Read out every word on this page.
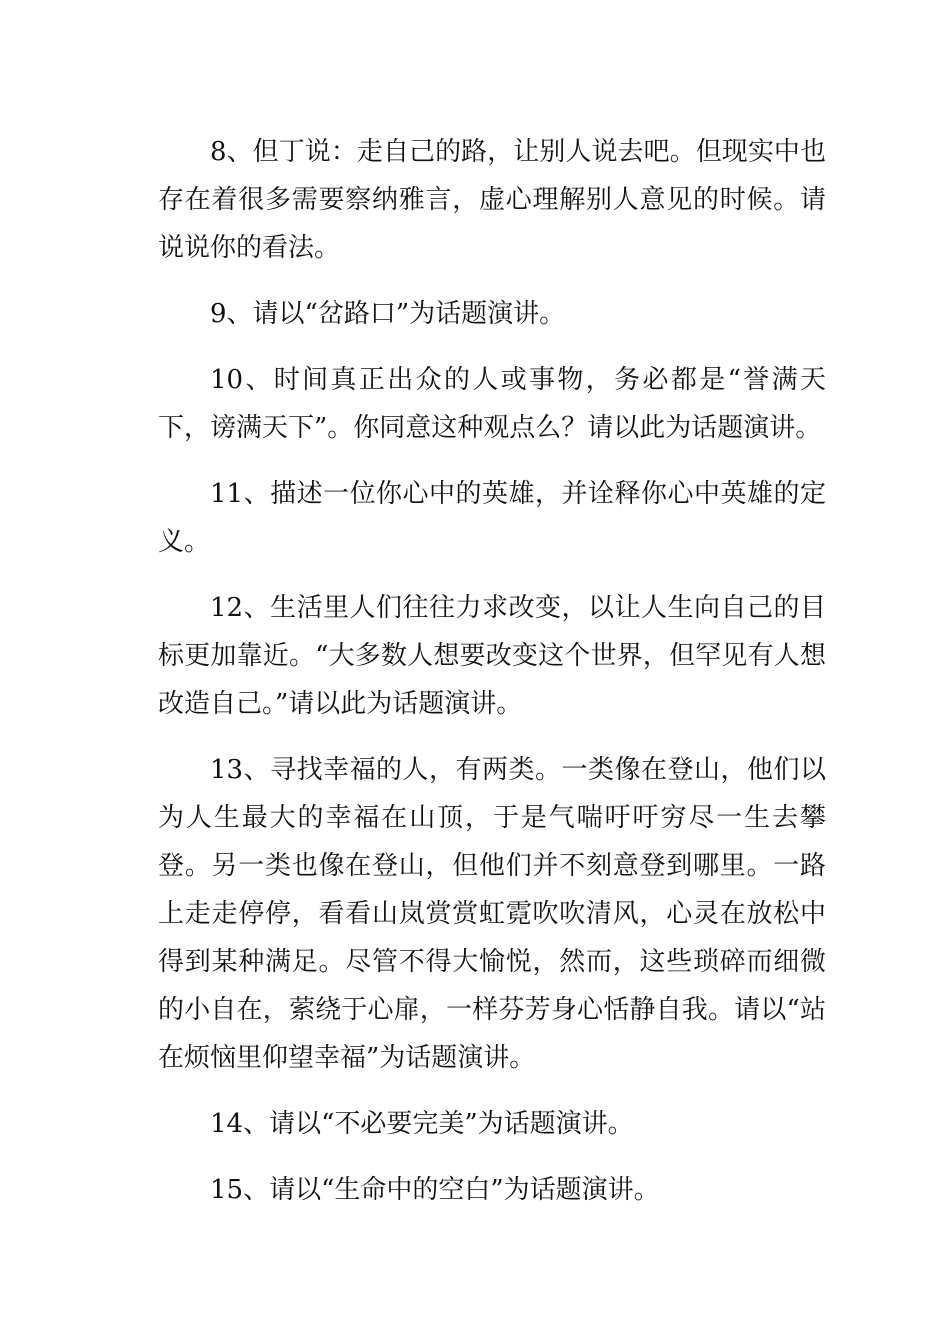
8、但丁说：走自己的路，让别人说去吧。但现实中也存在着很多需要察纳雅言，虚心理解别人意见的时候。请说说你的看法。

9、请以“岔路口”为话题演讲。

10、时间真正出众的人或事物，务必都是“誉满天下，谤满天下”。你同意这种观点么？请以此为话题演讲。

11、描述一位你心中的英雄，并诠释你心中英雄的定义。

12、生活里人们往往力求改变，以让人生向自己的目标更加靠近。“大多数人想要改变这个世界，但罕见有人想改造自己。”请以此为话题演讲。

13、寻找幸福的人，有两类。一类像在登山，他们以为人生最大的幸福在山顶，于是气喘吁吁穷尽一生去攀登。另一类也像在登山，但他们并不刻意登到哪里。一路上走走停停，看看山岚赏赏虹霓吹吹清风，心灵在放松中得到某种满足。尽管不得大愉悦，然而，这些琐碎而细微的小自在，萦绕于心扉，一样芬芳身心恬静自我。请以“站在烦恼里仰望幸福”为话题演讲。

14、请以“不必要完美”为话题演讲。

15、请以“生命中的空白”为话题演讲。
